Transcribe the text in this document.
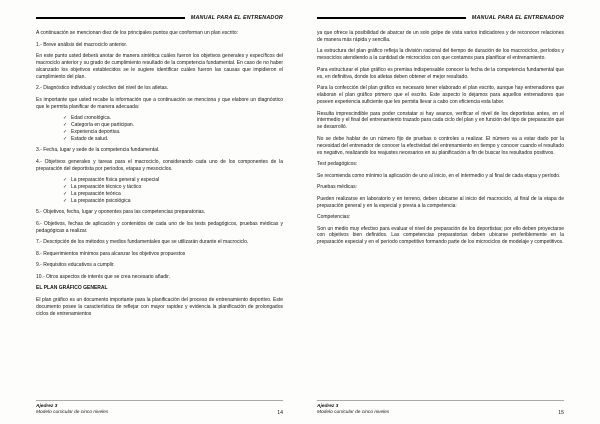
MANUAL PARA EL ENTRENADOR

A continuación se mencionan diez de los principales puntos que conforman un plan escrito:

1.- Breve análisis del macrociclo anterior.

En este punto usted deberá anotar de manera sintética cuáles fueron los objetivos generales y específicos del macrociclo anterior y su grado de cumplimiento resultado de la competencia fundamental. En caso de no haber alcanzado los objetivos establecidos se le sugiere identificar cuáles fueron las causas que impidieron el cumplimiento del plan.

2.- Diagnóstico individual y colectivo del nivel de los atletas.

Es importante que usted recabe la información que a continuación se menciona y que elabore un diagnóstico que le permita planificar de manera adecuada:

✓ Edad cronológica.
✓ Categoría en que participan.
✓ Experiencia deportiva.
✓ Estado de salud.

3.- Fecha, lugar y sede de la competencia fundamental.

4.- Objetivos generales y tareas para el macrociclo, considerando cada uno de los componentes de la preparación del deportista por períodos, etapas y mesociclos.

✓ La preparación física general y especial
✓ La preparación técnico y táctico
✓ La preparación teórica
✓ La preparación psicológica

5.- Objetivos, fecha, lugar y oponentes para las competencias preparatorias.

6.- Objetivos, fechas de aplicación y contenidos de cada uno de los tests pedagógicos, pruebas médicas y pedagógicas a realizar.

7.- Descripción de los métodos y medios fundamentales que se utilizarán durante el macrociclo.

8.- Requerimientos mínimos para alcanzar los objetivos propuestos

9.- Requisitos educativos a cumplir.

10.- Otros aspectos de interés que se crea necesario añadir.

EL PLAN GRÁFICO GENERAL

El plan gráfico es un documento importante para la planificación del proceso de entrenamiento deportivo. Este documento posee la característica de reflejar con mayor rapidez y evidencia la planificación de prolongados ciclos de entrenamientos

Ajedrez 3
Modelo curricular de cinco niveles	14
MANUAL PARA EL ENTRENADOR

ya que ofrece la posibilidad de abarcar de un solo golpe de vista varios indicadores y de reconocer relaciones de manera más rápida y sencilla.

La estructura del plan gráfico refleja la división racional del tiempo de duración de los macrociclos, períodos y mesociclos atendiendo a la cantidad de microciclos con que contamos para planificar el entrenamiento.

Para estructurar el plan gráfico es premisa indispensable conocer la fecha de la competencia fundamental que es, en definitiva, donde los atletas deben obtener el mejor resultado.

Para la confección del plan gráfico es necesario tener elaborado el plan escrito, aunque hay entrenadores que elaboran el plan gráfico primero que el escrito. Este aspecto lo dejamos para aquellos entrenadores que poseen experiencia suficiente que les permita llevar a cabo con eficiencia esta labor.

Resulta imprescindible para poder constatar si hay avance, verificar el nivel de los deportistas antes, en el intermedio y el final del entrenamiento trazado para cada ciclo del plan y en función del tipo de preparación que se desarrolló.

No se debe hablar de un número fijo de pruebas o controles a realizar. El número va a estar dado por la necesidad del entrenador de conocer la efectividad del entrenamiento en tiempo y conocer cuando el resultado es negativo, realizando los reajustes necesarios en su planificación a fin de buscar los resultados positivos.

Test pedagógicos:

Se recomienda como mínimo la aplicación de uno al inicio, en el intermedio y al final de cada etapa y período.

Pruebas médicas:

Pueden realizarse en laboratorio y en terreno, deben ubicarse al inicio del macrociclo, al final de la etapa de preparación general y en la especial y previa a la competencia:

Competencias:

Son un medio muy efectivo para evaluar el nivel de preparación de los deportistas; por ello deben proyectarse con objetivos bien definidos. Las competencias preparatorias deben ubicarse preferiblemente en la preparación especial y en el período competitivo formando parte de los microciclos de modelaje y competitivos.

Ajedrez 3
Modelo curricular de cinco niveles	15
